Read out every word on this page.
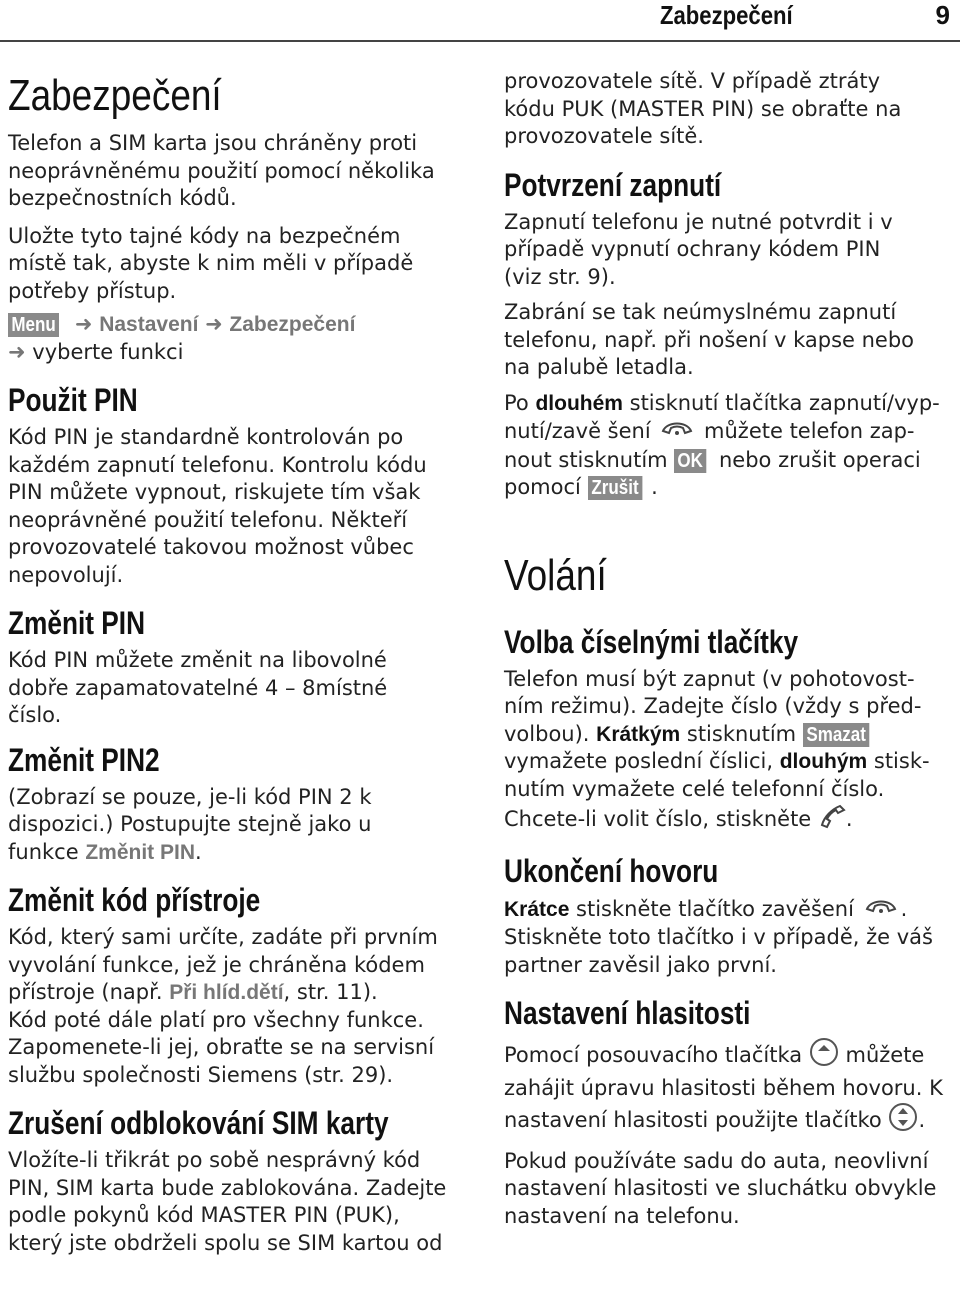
Zabezpečení	9
Zabezpečení

Telefon a SIM karta jsou chráněny proti neoprávněnému použití pomocí několika bezpečnostních kódů.

Uložte tyto tajné kódy na bezpečném místě tak, abyste k nim měli v případě potřeby přístup.

Menu ➜ Nastavení ➜ Zabezpečení
➜ vyberte funkci

Použit PIN

Kód PIN je standardně kontrolován po každém zapnutí telefonu. Kontrolu kódu PIN můžete vypnout, riskujete tím však neoprávněné použití telefonu. Někteří provozovatelé takovou možnost vůbec nepovolují.

Změnit PIN

Kód PIN můžete změnit na libovolné dobře zapamatovatelné 4 – 8místné číslo.

Změnit PIN2

(Zobrazí se pouze, je-li kód PIN 2 k dispozici.) Postupujte stejně jako u funkce Změnit PIN.

Změnit kód přístroje

Kód, který sami určíte, zadáte při prvním vyvolání funkce, jež je chráněna kódem přístroje (např. Při hlíd.dětí, str. 11).

Kód poté dále platí pro všechny funkce. Zapomenete-li jej, obraťte se na servisní službu společnosti Siemens (str. 29).

Zrušení odblokování SIM karty

Vložíte-li třikrát po sobě nesprávný kód PIN, SIM karta bude zablokována. Zadejte podle pokynů kód MASTER PIN (PUK), který jste obdrželi spolu se SIM kartou od

provozovatele sítě. V případě ztráty kódu PUK (MASTER PIN) se obraťte na provozovatele sítě.

Potvrzení zapnutí

Zapnutí telefonu je nutné potvrdit i v případě vypnutí ochrany kódem PIN (viz str. 9).

Zabrání se tak neúmyslnému zapnutí telefonu, např. při nošení v kapse nebo na palubě letadla.

Po dlouhém stisknutí tlačítka zapnutí/vyp-nutí/zavě šení  můžete telefon zap-nout stisknutím OK nebo zrušit operaci pomocí Zrušit .

Volání
Volba číselnými tlačítky

Telefon musí být zapnut (v pohotovost-ním režimu). Zadejte číslo (vždy s před-volbou). Krátkým stisknutím Smazat vymažete poslední číslici, dlouhým stisk-nutím vymažete celé telefonní číslo. Chcete-li volit číslo, stiskněte .

Ukončení hovoru

Krátce stiskněte tlačítko zavěšení . Stiskněte toto tlačítko i v případě, že váš partner zavěsil jako první.

Nastavení hlasitosti

Pomocí posouvacího tlačítka  můžete zahájit úpravu hlasitosti během hovoru. K nastavení hlasitosti použijte tlačítko .

Pokud používáte sadu do auta, neovlivní nastavení hlasitosti ve sluchátku obvykle nastavení na telefonu.
